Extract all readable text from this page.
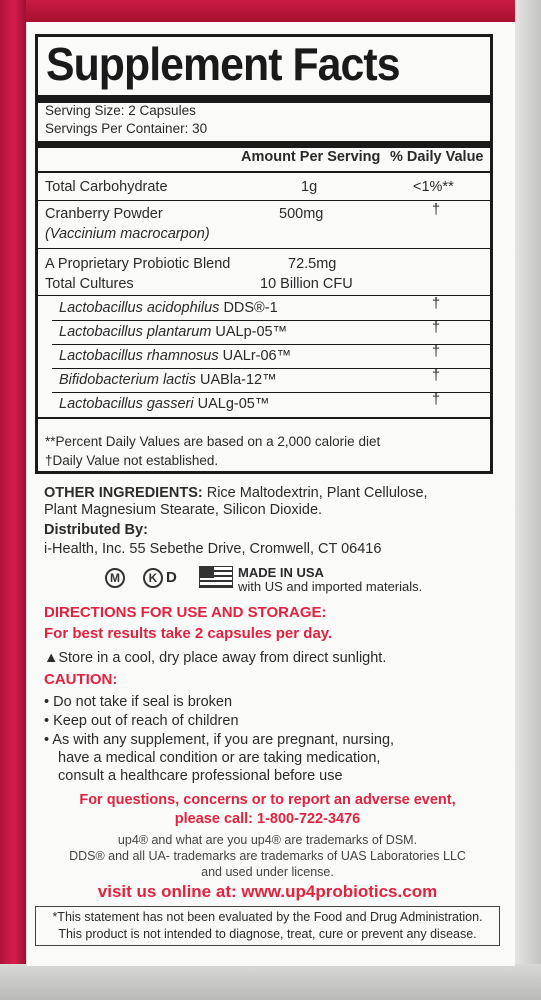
Supplement Facts
Serving Size: 2 Capsules
Servings Per Container: 30
Amount Per Serving % Daily Value
Total Carbohydrate	1g	<1%**
Cranberry Powder
(Vaccinium macrocarpon)
500mg	†
A Proprietary Probiotic Blend	72.5mg
Total Cultures	10 Billion CFU
Lactobacillus acidophilus DDS®-1	†
Lactobacillus plantarum UALp-05™	†
Lactobacillus rhamnosus UALr-06™	†
Bifidobacterium lactis UABla-12™	†
Lactobacillus gasseri UALg-05™	†
**Percent Daily Values are based on a 2,000 calorie diet
†Daily Value not established.
OTHER INGREDIENTS: Rice Maltodextrin, Plant Cellulose,
Plant Magnesium Stearate, Silicon Dioxide.
Distributed By:
i-Health, Inc. 55 Sebethe Drive, Cromwell, CT 06416
M	K D	MADE IN USA
with US and imported materials.
DIRECTIONS FOR USE AND STORAGE:
For best results take 2 capsules per day.
▲Store in a cool, dry place away from direct sunlight.
CAUTION:
• Do not take if seal is broken
• Keep out of reach of children
• As with any supplement, if you are pregnant, nursing,
have a medical condition or are taking medication,
consult a healthcare professional before use
For questions, concerns or to report an adverse event,
please call: 1-800-722-3476
up4® and what are you up4® are trademarks of DSM.
DDS® and all UA- trademarks are trademarks of UAS Laboratories LLC
and used under license.
visit us online at: www.up4probiotics.com
*This statement has not been evaluated by the Food and Drug Administration.
This product is not intended to diagnose, treat, cure or prevent any disease.
